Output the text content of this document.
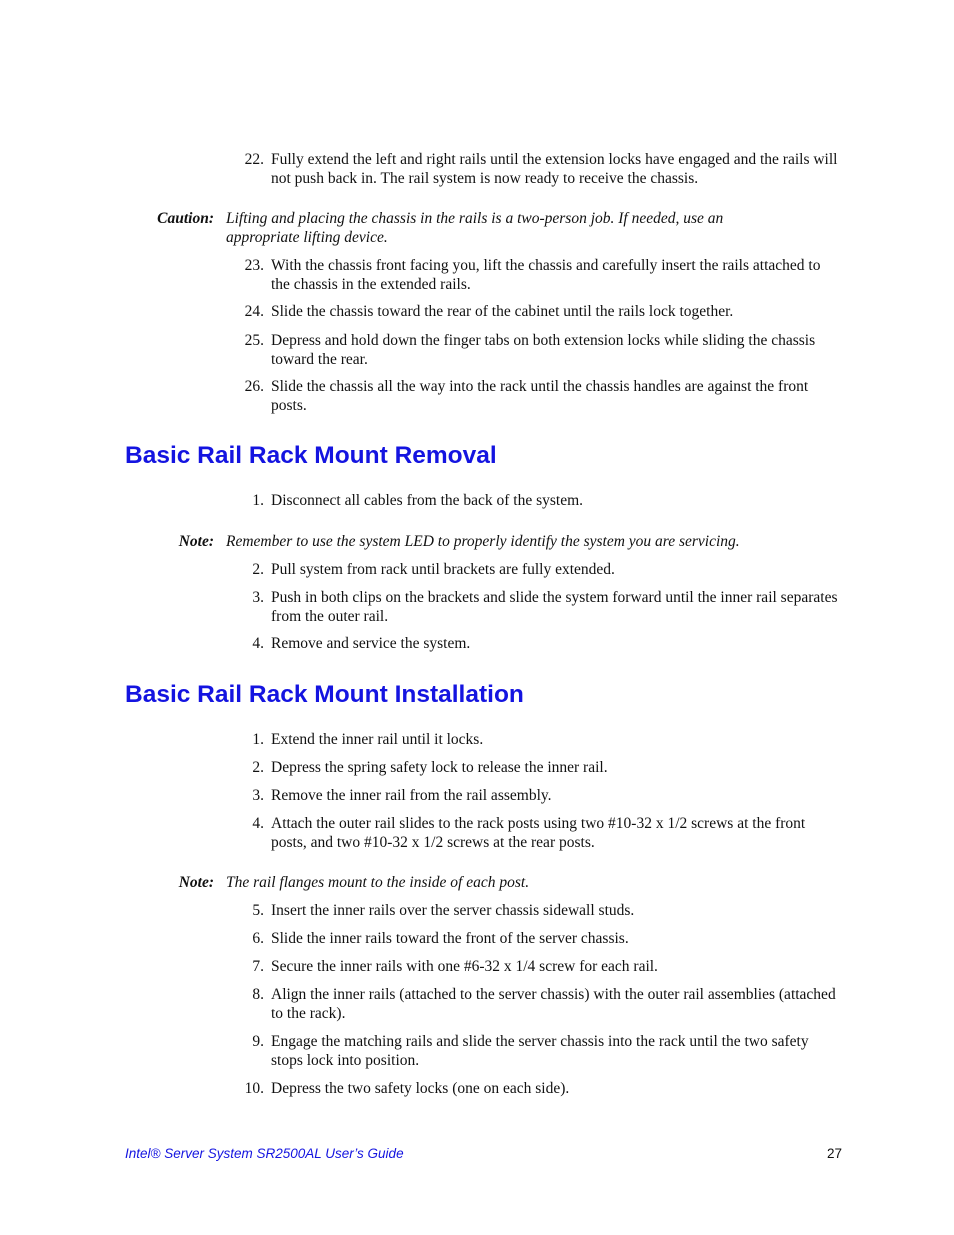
22. Fully extend the left and right rails until the extension locks have engaged and the rails will not push back in. The rail system is now ready to receive the chassis.
Caution: Lifting and placing the chassis in the rails is a two-person job. If needed, use an appropriate lifting device.
23. With the chassis front facing you, lift the chassis and carefully insert the rails attached to the chassis in the extended rails.
24. Slide the chassis toward the rear of the cabinet until the rails lock together.
25. Depress and hold down the finger tabs on both extension locks while sliding the chassis toward the rear.
26. Slide the chassis all the way into the rack until the chassis handles are against the front posts.
Basic Rail Rack Mount Removal
1. Disconnect all cables from the back of the system.
Note: Remember to use the system LED to properly identify the system you are servicing.
2. Pull system from rack until brackets are fully extended.
3. Push in both clips on the brackets and slide the system forward until the inner rail separates from the outer rail.
4. Remove and service the system.
Basic Rail Rack Mount Installation
1. Extend the inner rail until it locks.
2. Depress the spring safety lock to release the inner rail.
3. Remove the inner rail from the rail assembly.
4. Attach the outer rail slides to the rack posts using two #10-32 x 1/2 screws at the front posts, and two #10-32 x 1/2 screws at the rear posts.
Note: The rail flanges mount to the inside of each post.
5. Insert the inner rails over the server chassis sidewall studs.
6. Slide the inner rails toward the front of the server chassis.
7. Secure the inner rails with one #6-32 x 1/4 screw for each rail.
8. Align the inner rails (attached to the server chassis) with the outer rail assemblies (attached to the rack).
9. Engage the matching rails and slide the server chassis into the rack until the two safety stops lock into position.
10. Depress the two safety locks (one on each side).
Intel® Server System SR2500AL User’s Guide	27
